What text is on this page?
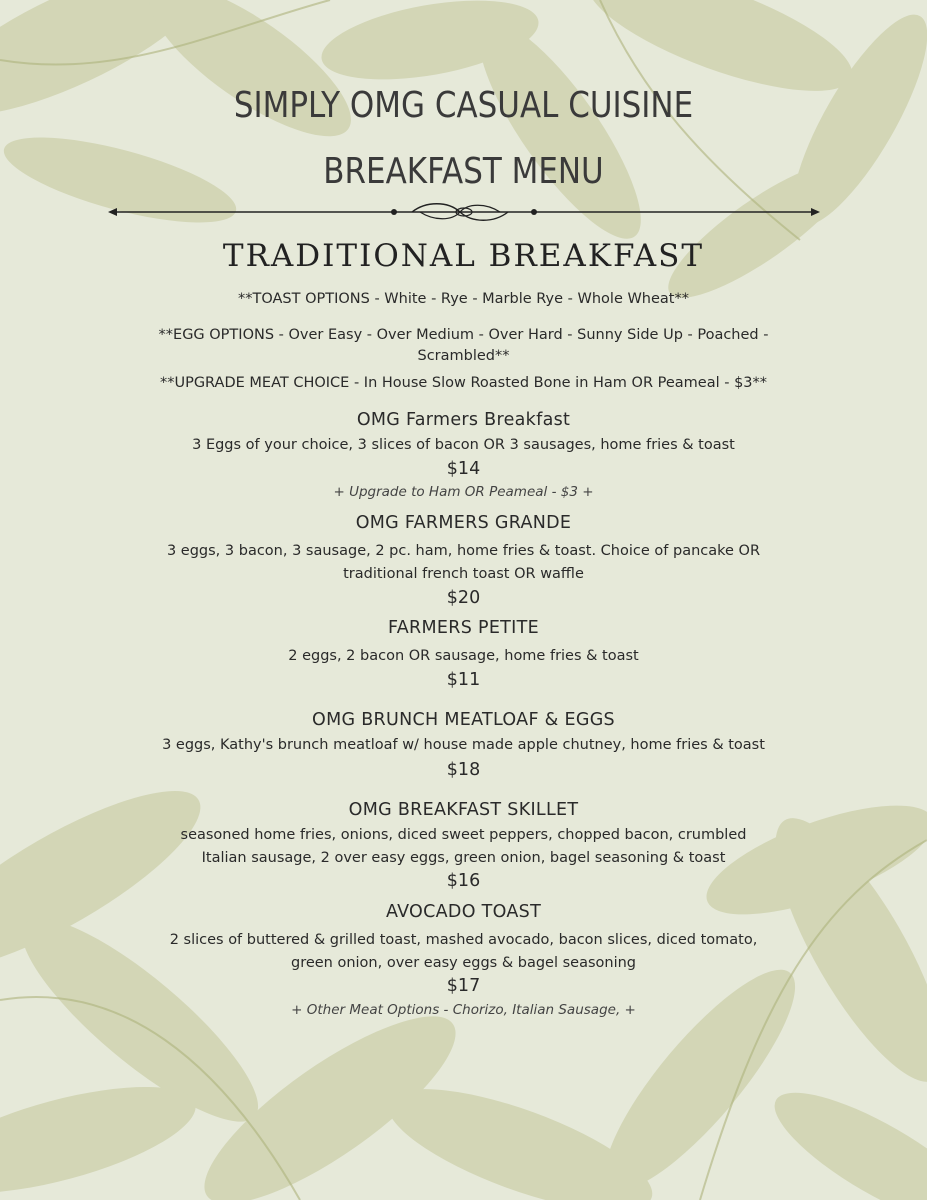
SIMPLY OMG CASUAL CUISINE
BREAKFAST MENU
TRADITIONAL BREAKFAST
**TOAST OPTIONS - White - Rye - Marble Rye - Whole Wheat**
**EGG OPTIONS - Over Easy - Over Medium - Over Hard - Sunny Side Up - Poached -
Scrambled**
**UPGRADE MEAT CHOICE - In House Slow Roasted Bone in Ham OR Peameal - $3**
OMG Farmers Breakfast
3 Eggs of your choice, 3 slices of bacon OR 3 sausages, home fries & toast
$14
+ Upgrade to Ham OR Peameal - $3 +
OMG FARMERS GRANDE
3 eggs, 3 bacon, 3 sausage, 2 pc. ham, home fries & toast. Choice of pancake OR
traditional french toast OR waffle
$20
FARMERS PETITE
2 eggs, 2 bacon OR sausage, home fries & toast
$11
OMG BRUNCH MEATLOAF & EGGS
3 eggs, Kathy's brunch meatloaf w/ house made apple chutney, home fries & toast
$18
OMG BREAKFAST SKILLET
seasoned home fries, onions, diced sweet peppers, chopped bacon, crumbled
Italian sausage, 2 over easy eggs, green onion, bagel seasoning & toast
$16
AVOCADO TOAST
2 slices of buttered & grilled toast, mashed avocado, bacon slices, diced tomato,
green onion, over easy eggs & bagel seasoning
$17
+ Other Meat Options - Chorizo, Italian Sausage, +
